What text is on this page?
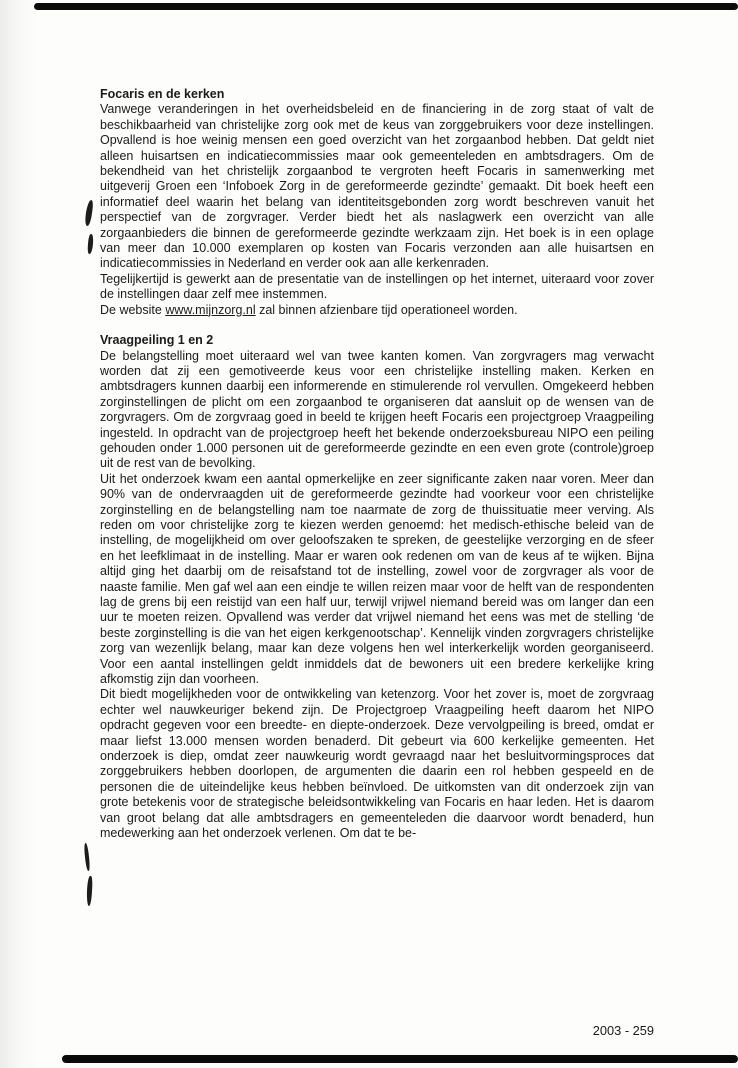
Focaris en de kerken

Vanwege veranderingen in het overheidsbeleid en de financiering in de zorg staat of valt de beschikbaarheid van christelijke zorg ook met de keus van zorggebruikers voor deze instellingen. Opvallend is hoe weinig mensen een goed overzicht van het zorgaanbod hebben. Dat geldt niet alleen huisartsen en indicatiecommissies maar ook gemeenteleden en ambtsdragers. Om de bekendheid van het christelijk zorgaanbod te vergroten heeft Focaris in samenwerking met uitgeverij Groen een ‘Infoboek Zorg in de gereformeerde gezindte’ gemaakt. Dit boek heeft een informatief deel waarin het belang van identiteitsgebonden zorg wordt beschreven vanuit het perspectief van de zorgvrager. Verder biedt het als naslagwerk een overzicht van alle zorgaanbieders die binnen de gereformeerde gezindte werkzaam zijn. Het boek is in een oplage van meer dan 10.000 exemplaren op kosten van Focaris verzonden aan alle huisartsen en indicatiecommissies in Nederland en verder ook aan alle kerkenraden.

Tegelijkertijd is gewerkt aan de presentatie van de instellingen op het internet, uiteraard voor zover de instellingen daar zelf mee instemmen.

De website www.mijnzorg.nl zal binnen afzienbare tijd operationeel worden.

Vraagpeiling 1 en 2

De belangstelling moet uiteraard wel van twee kanten komen. Van zorgvragers mag verwacht worden dat zij een gemotiveerde keus voor een christelijke instelling maken. Kerken en ambtsdragers kunnen daarbij een informerende en stimulerende rol vervullen. Omgekeerd hebben zorginstellingen de plicht om een zorgaanbod te organiseren dat aansluit op de wensen van de zorgvragers. Om de zorgvraag goed in beeld te krijgen heeft Focaris een projectgroep Vraagpeiling ingesteld. In opdracht van de projectgroep heeft het bekende onderzoeksbureau NIPO een peiling gehouden onder 1.000 personen uit de gereformeerde gezindte en een even grote (controle)groep uit de rest van de bevolking.

Uit het onderzoek kwam een aantal opmerkelijke en zeer significante zaken naar voren. Meer dan 90% van de ondervraagden uit de gereformeerde gezindte had voorkeur voor een christelijke zorginstelling en de belangstelling nam toe naarmate de zorg de thuissituatie meer verving. Als reden om voor christelijke zorg te kiezen werden genoemd: het medisch-ethische beleid van de instelling, de mogelijkheid om over geloofszaken te spreken, de geestelijke verzorging en de sfeer en het leefklimaat in de instelling. Maar er waren ook redenen om van de keus af te wijken. Bijna altijd ging het daarbij om de reisafstand tot de instelling, zowel voor de zorgvrager als voor de naaste familie. Men gaf wel aan een eindje te willen reizen maar voor de helft van de respondenten lag de grens bij een reistijd van een half uur, terwijl vrijwel niemand bereid was om langer dan een uur te moeten reizen. Opvallend was verder dat vrijwel niemand het eens was met de stelling ‘de beste zorginstelling is die van het eigen kerkgenootschap’. Kennelijk vinden zorgvragers christelijke zorg van wezenlijk belang, maar kan deze volgens hen wel interkerkelijk worden georganiseerd. Voor een aantal instellingen geldt inmiddels dat de bewoners uit een bredere kerkelijke kring afkomstig zijn dan voorheen.

Dit biedt mogelijkheden voor de ontwikkeling van ketenzorg. Voor het zover is, moet de zorgvraag echter wel nauwkeuriger bekend zijn. De Projectgroep Vraagpeiling heeft daarom het NIPO opdracht gegeven voor een breedte- en diepte-onderzoek. Deze vervolgpeiling is breed, omdat er maar liefst 13.000 mensen worden benaderd. Dit gebeurt via 600 kerkelijke gemeenten. Het onderzoek is diep, omdat zeer nauwkeurig wordt gevraagd naar het besluitvormingsproces dat zorggebruikers hebben doorlopen, de argumenten die daarin een rol hebben gespeeld en de personen die de uiteindelijke keus hebben beïnvloed. De uitkomsten van dit onderzoek zijn van grote betekenis voor de strategische beleidsontwikkeling van Focaris en haar leden. Het is daarom van groot belang dat alle ambtsdragers en gemeenteleden die daarvoor wordt benaderd, hun medewerking aan het onderzoek verlenen. Om dat te be-

2003 - 259
